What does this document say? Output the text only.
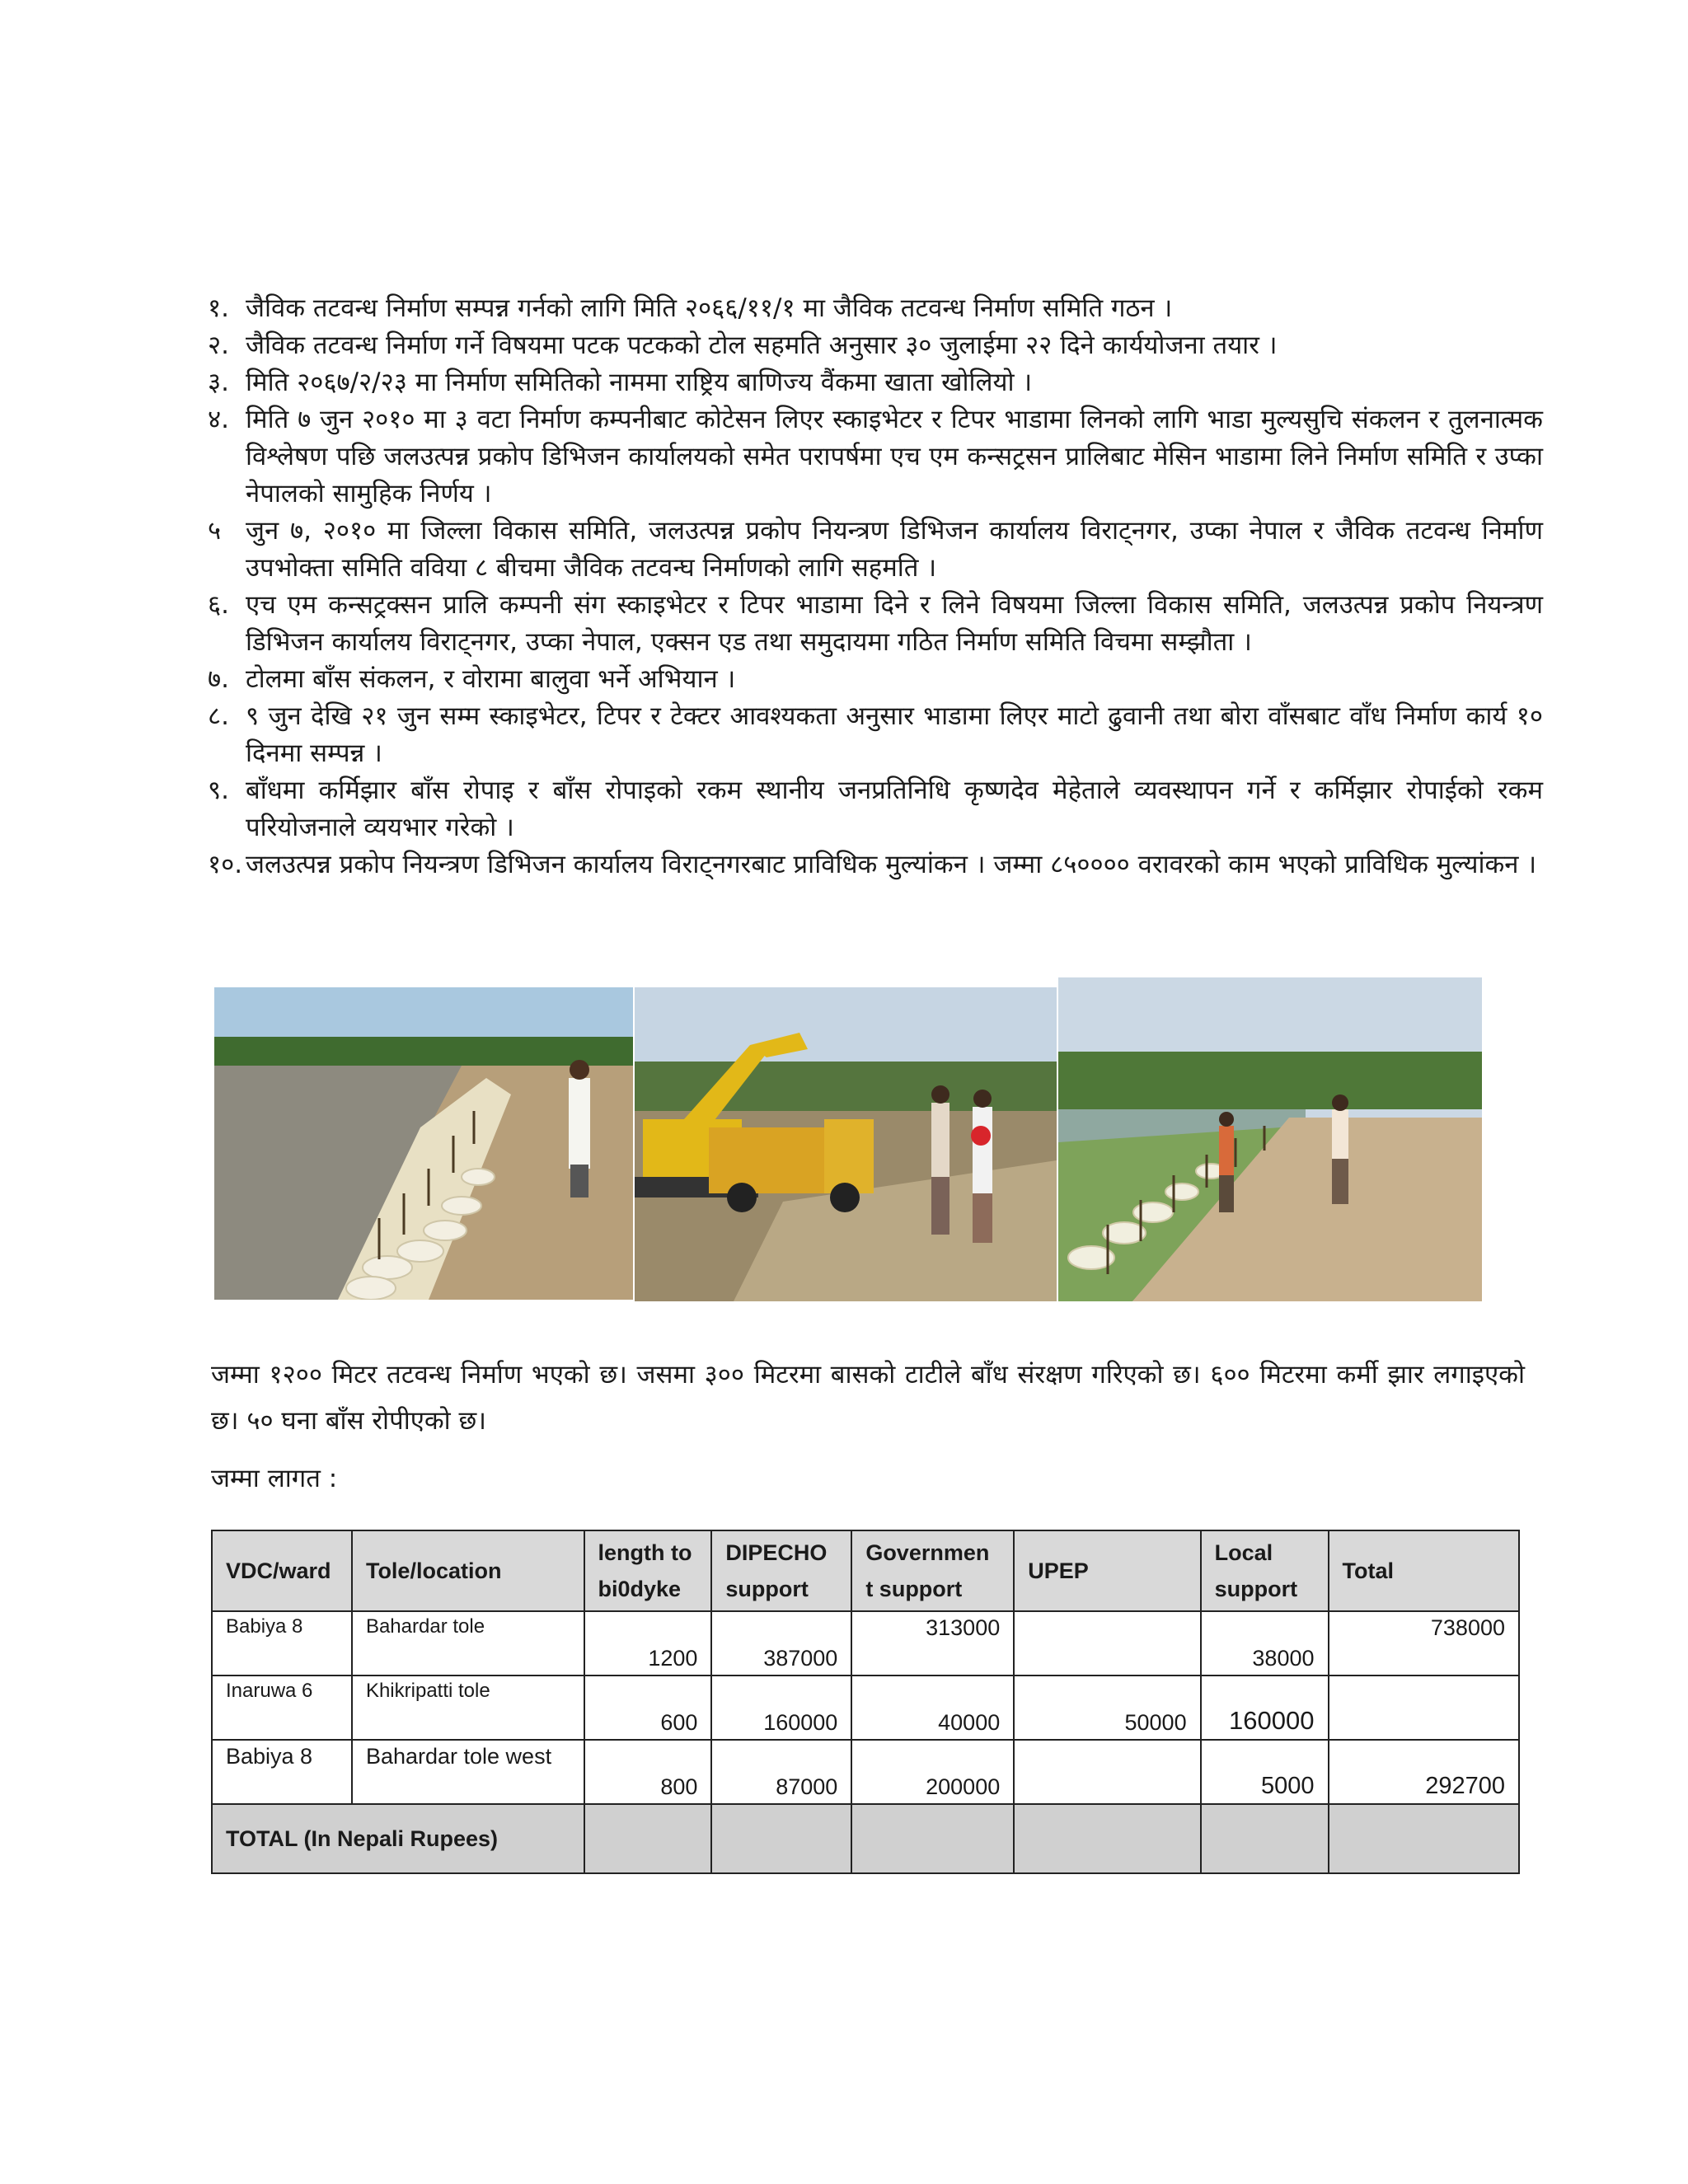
१. जैविक तटवन्ध निर्माण सम्पन्न गर्नको लागि मिति २०६६/११/१ मा जैविक तटवन्ध निर्माण समिति गठन ।
२. जैविक तटवन्ध निर्माण गर्ने विषयमा पटक पटकको टोल सहमति अनुसार ३० जुलाईमा २२ दिने कार्ययोजना तयार ।
३. मिति २०६७/२/२३ मा निर्माण समितिको नाममा राष्ट्रिय बाणिज्य वैंकमा खाता खोलियो ।
४. मिति ७ जुन २०१० मा ३ वटा निर्माण कम्पनीबाट कोटेसन लिएर स्काइभेटर र टिपर भाडामा लिनको लागि भाडा मुल्यसुचि संकलन र तुलनात्मक विश्लेषण पछि जलउत्पन्न प्रकोप डिभिजन कार्यालयको समेत परापर्षमा एच एम कन्सट्रसन प्रालिबाट मेसिन भाडामा लिने निर्माण समिति र उप्का नेपालको सामुहिक निर्णय ।
५ जुन ७, २०१० मा जिल्ला विकास समिति, जलउत्पन्न प्रकोप नियन्त्रण डिभिजन कार्यालय विराट्नगर, उप्का नेपाल र जैविक तटवन्ध निर्माण उपभोक्ता समिति वविया ८ बीचमा जैविक तटवन्घ निर्माणको लागि सहमति ।
६. एच एम कन्सट्रक्सन प्रालि कम्पनी संग स्काइभेटर र टिपर भाडामा दिने र लिने विषयमा जिल्ला विकास समिति, जलउत्पन्न प्रकोप नियन्त्रण डिभिजन कार्यालय विराट्नगर, उप्का नेपाल, एक्सन एड तथा समुदायमा गठित निर्माण समिति विचमा सम्झौता ।
७. टोलमा बाँस संकलन, र वोरामा बालुवा भर्ने अभियान ।
८. ९ जुन देखि २१ जुन सम्म स्काइभेटर, टिपर र टेक्टर आवश्यकता अनुसार भाडामा लिएर माटो ढुवानी तथा बोरा वाँसबाट वाँध निर्माण कार्य १० दिनमा सम्पन्न ।
९. बाँधमा कर्मिझार बाँस रोपाइ र बाँस रोपाइको रकम स्थानीय जनप्रतिनिधि कृष्णदेव मेहेताले व्यवस्थापन गर्ने र कर्मिझार रोपाईको रकम परियोजनाले व्ययभार गरेको ।
१०. जलउत्पन्न प्रकोप नियन्त्रण डिभिजन कार्यालय विराट्नगरबाट प्राविधिक मुल्यांकन । जम्मा ८५०००० वरावरको काम भएको प्राविधिक मुल्यांकन ।

जम्मा १२०० मिटर तटवन्ध निर्माण भएको छ। जसमा ३०० मिटरमा बासको टाटीले बाँध संरक्षण गरिएको छ। ६०० मिटरमा कर्मी झार लगाइएको छ। ५० घना बाँस रोपीएको छ।

जम्मा लागत :

VDC/ward	Tole/location	length to bi0dyke	DIPECHO support	Governmen t support	UPEP	Local support	Total
Babiya 8	Bahardar tole	1200	387000	313000		38000	738000
Inaruwa 6	Khikripatti tole	600	160000	40000	50000	160000	
Babiya 8	Bahardar tole west	800	87000	200000		5000	292700
TOTAL (In Nepali Rupees)							
